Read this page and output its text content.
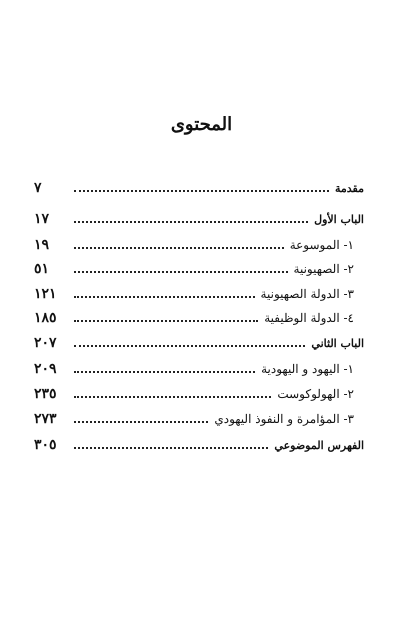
المحتوى
٧	مقدمة
١٧	الباب الأول
١٩	١- الموسوعة
٥١	٢- الصهيونية
١٢١	٣- الدولة الصهيونية
١٨٥	٤- الدولة الوظيفية
٢٠٧	الباب الثاني
٢٠٩	١- اليهود و اليهودية
٢٣٥	٢- الهولوكوست
٢٧٣	٣- المؤامرة و النفوذ اليهودي
٣٠٥	الفهرس الموضوعي
